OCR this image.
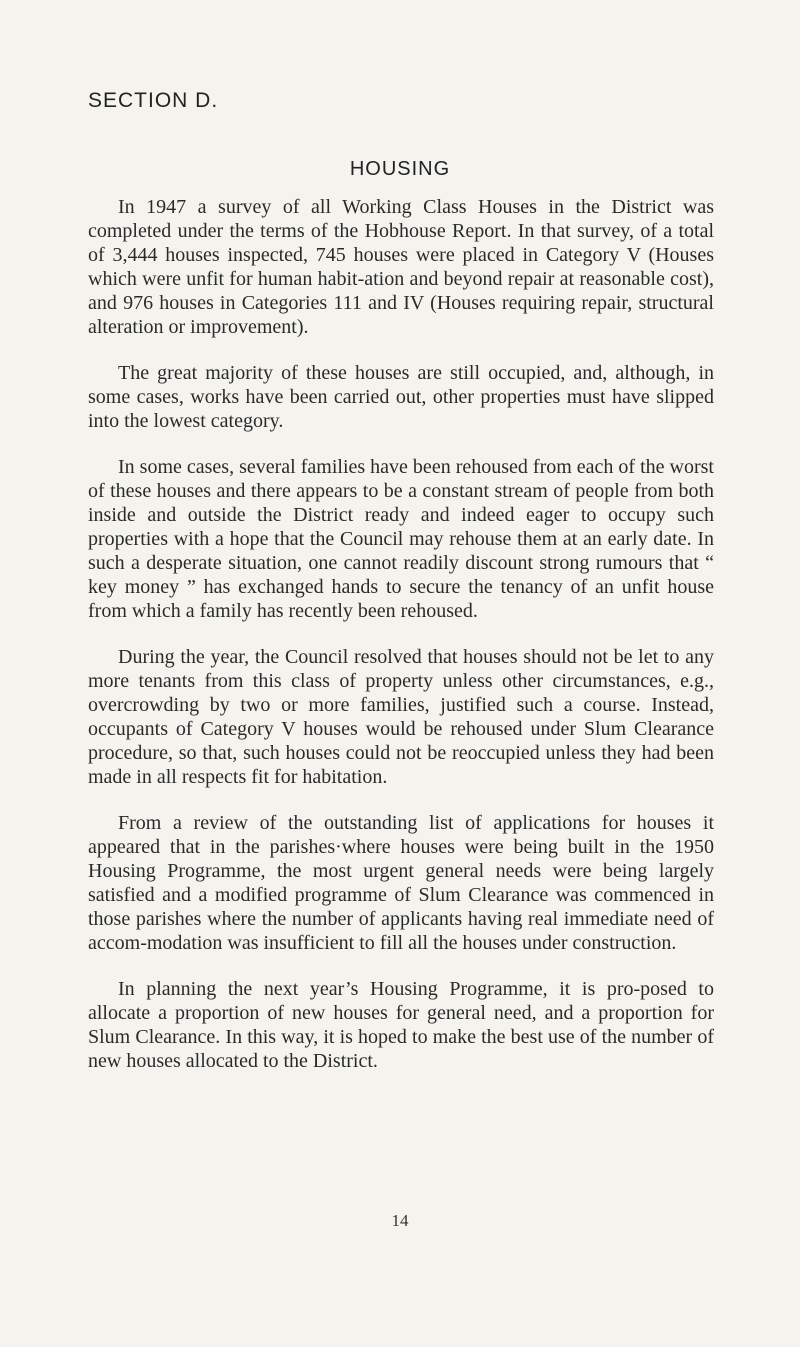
SECTION D.
HOUSING

In 1947 a survey of all Working Class Houses in the District was completed under the terms of the Hobhouse Report. In that survey, of a total of 3,444 houses inspected, 745 houses were placed in Category V (Houses which were unfit for human habit-ation and beyond repair at reasonable cost), and 976 houses in Categories 111 and IV (Houses requiring repair, structural alteration or improvement).

The great majority of these houses are still occupied, and, although, in some cases, works have been carried out, other properties must have slipped into the lowest category.

In some cases, several families have been rehoused from each of the worst of these houses and there appears to be a constant stream of people from both inside and outside the District ready and indeed eager to occupy such properties with a hope that the Council may rehouse them at an early date. In such a desperate situation, one cannot readily discount strong rumours that “ key money ” has exchanged hands to secure the tenancy of an unfit house from which a family has recently been rehoused.

During the year, the Council resolved that houses should not be let to any more tenants from this class of property unless other circumstances, e.g., overcrowding by two or more families, justified such a course. Instead, occupants of Category V houses would be rehoused under Slum Clearance procedure, so that, such houses could not be reoccupied unless they had been made in all respects fit for habitation.

From a review of the outstanding list of applications for houses it appeared that in the parishes·where houses were being built in the 1950 Housing Programme, the most urgent general needs were being largely satisfied and a modified programme of Slum Clearance was commenced in those parishes where the number of applicants having real immediate need of accom-modation was insufficient to fill all the houses under construction.

In planning the next year’s Housing Programme, it is pro-posed to allocate a proportion of new houses for general need, and a proportion for Slum Clearance. In this way, it is hoped to make the best use of the number of new houses allocated to the District.

14
